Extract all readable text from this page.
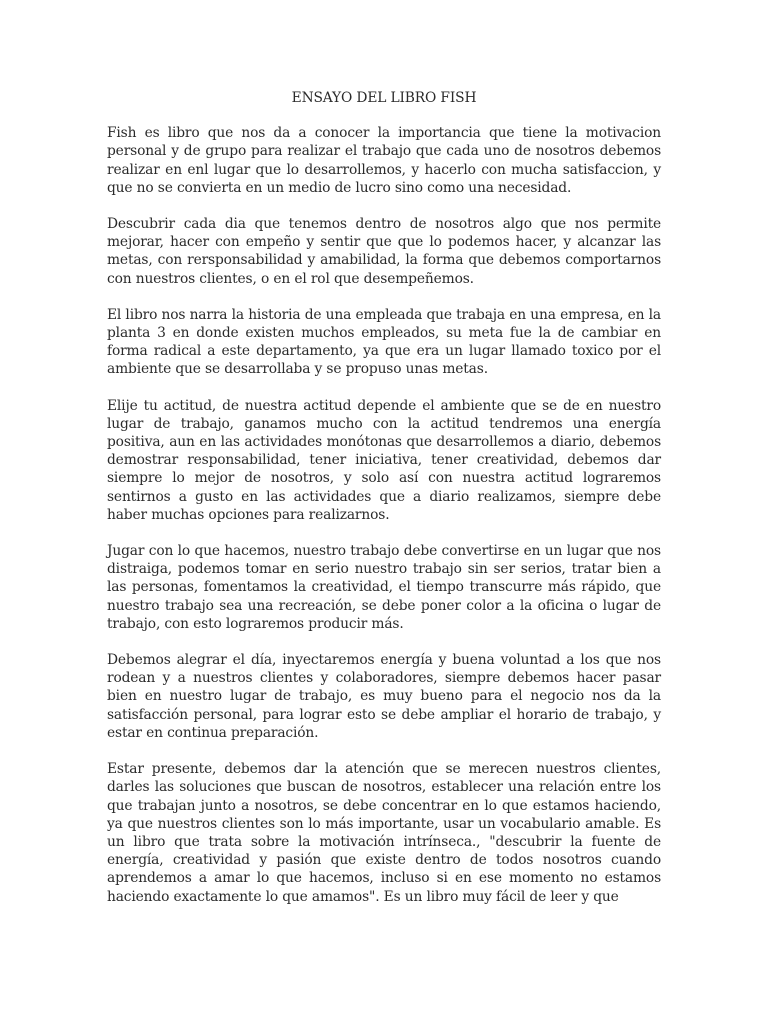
ENSAYO DEL LIBRO FISH

Fish es libro que nos da a conocer la importancia que tiene la motivacion personal y de grupo para realizar el trabajo que cada uno de nosotros debemos realizar en enl lugar que lo desarrollemos, y hacerlo con mucha satisfaccion, y que no se convierta en un medio de lucro sino como una necesidad.

Descubrir cada dia que tenemos dentro de nosotros algo que nos permite mejorar, hacer con empeño y sentir que que lo podemos hacer, y alcanzar las metas, con rersponsabilidad y amabilidad, la forma que debemos comportarnos con nuestros clientes, o en el rol que desempeñemos.

El libro nos narra la historia de una empleada que trabaja en una empresa, en la planta 3 en donde existen muchos empleados, su meta fue la de cambiar en forma radical a este departamento, ya que era un lugar llamado toxico por el ambiente que se desarrollaba y se propuso unas metas.

Elije tu actitud, de nuestra actitud depende el ambiente que se de en nuestro lugar de trabajo, ganamos mucho con la actitud tendremos una energía positiva, aun en las actividades monótonas que desarrollemos a diario, debemos demostrar responsabilidad, tener iniciativa, tener creatividad, debemos dar siempre lo mejor de nosotros, y solo así con nuestra actitud lograremos sentirnos a gusto en las actividades que a diario realizamos, siempre debe haber muchas opciones para realizarnos.

Jugar con lo que hacemos, nuestro trabajo debe convertirse en un lugar que nos distraiga, podemos tomar en serio nuestro trabajo sin ser serios, tratar bien a las personas, fomentamos la creatividad, el tiempo transcurre más rápido, que nuestro trabajo sea una recreación, se debe poner color a la oficina o lugar de trabajo, con esto lograremos producir más.

Debemos alegrar el día, inyectaremos energía y buena voluntad a los que nos rodean y a nuestros clientes y colaboradores, siempre debemos hacer pasar bien en nuestro lugar de trabajo, es muy bueno para el negocio nos da la satisfacción personal, para lograr esto se debe ampliar el horario de trabajo, y estar en continua preparación.

Estar presente, debemos dar la atención que se merecen nuestros clientes, darles las soluciones que buscan de nosotros, establecer una relación entre los que trabajan junto a nosotros, se debe concentrar en lo que estamos haciendo, ya que nuestros clientes son lo más importante, usar un vocabulario amable. Es un libro que trata sobre la motivación intrínseca., "descubrir la fuente de energía, creatividad y pasión que existe dentro de todos nosotros cuando aprendemos a amar lo que hacemos, incluso si en ese momento no estamos haciendo exactamente lo que amamos". Es un libro muy fácil de leer y que
